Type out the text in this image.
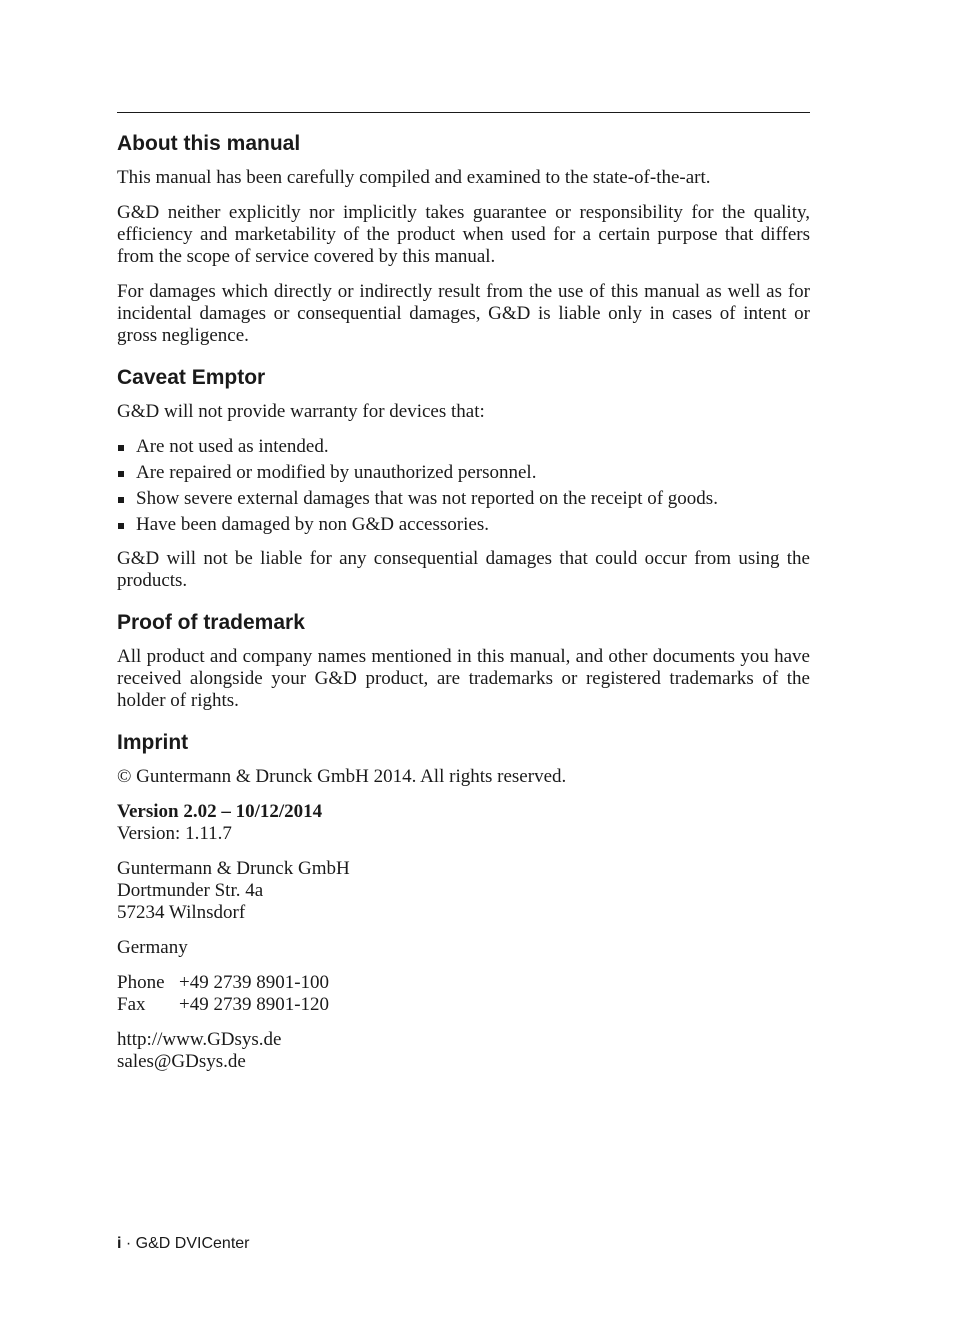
About this manual

This manual has been carefully compiled and examined to the state-of-the-art.

G&D neither explicitly nor implicitly takes guarantee or responsibility for the quality, efficiency and marketability of the product when used for a certain purpose that differs from the scope of service covered by this manual.

For damages which directly or indirectly result from the use of this manual as well as for incidental damages or consequential damages, G&D is liable only in cases of intent or gross negligence.

Caveat Emptor

G&D will not provide warranty for devices that:

Are not used as intended.
Are repaired or modified by unauthorized personnel.
Show severe external damages that was not reported on the receipt of goods.
Have been damaged by non G&D accessories.

G&D will not be liable for any consequential damages that could occur from using the products.

Proof of trademark

All product and company names mentioned in this manual, and other documents you have received alongside your G&D product, are trademarks or registered trademarks of the holder of rights.

Imprint

© Guntermann & Drunck GmbH 2014. All rights reserved.

Version 2.02 – 10/12/2014
Version: 1.11.7
Guntermann & Drunck GmbH
Dortmunder Str. 4a
57234 Wilnsdorf
Germany
Phone +49 2739 8901-100
Fax	+49 2739 8901-120
http://www.GDsys.de
sales@GDsys.de
i · G&D DVICenter
